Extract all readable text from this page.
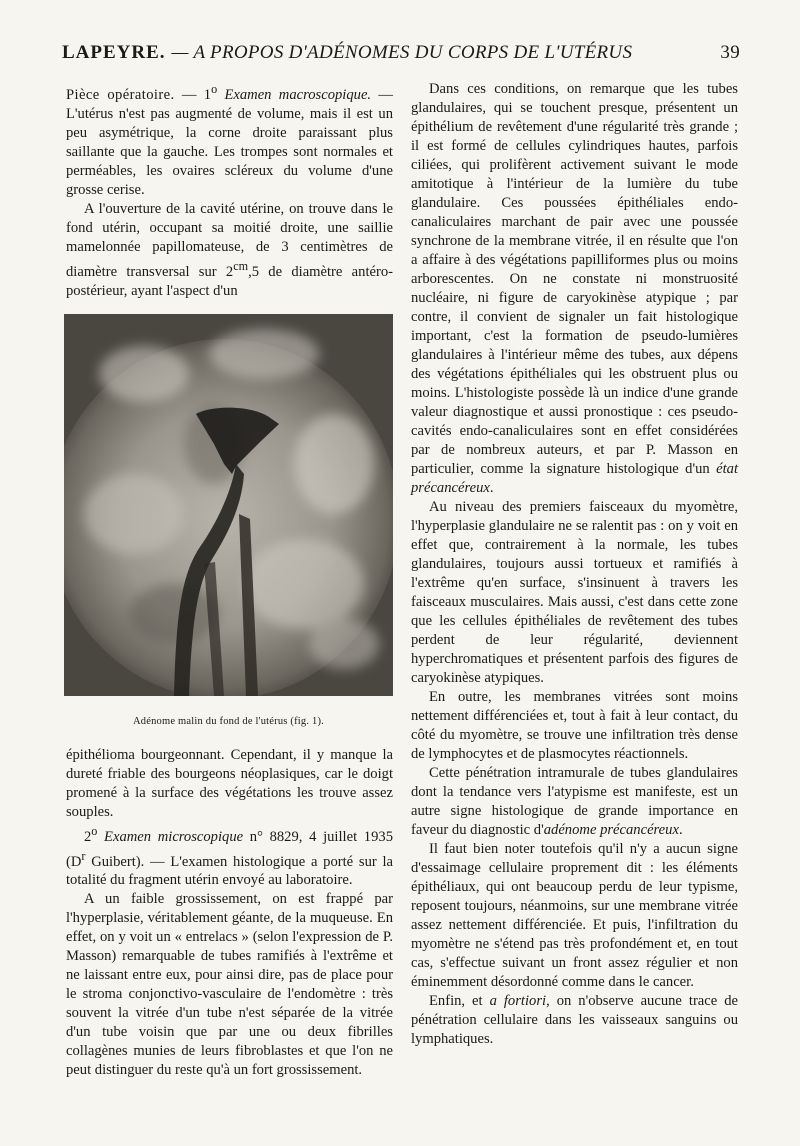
LAPEYRE. — A PROPOS D'ADÉNOMES DU CORPS DE L'UTÉRUS	39

Pièce opératoire. — 1$^o$ Examen macroscopique. — L'utérus n'est pas augmenté de volume, mais il est un peu asymétrique, la corne droite paraissant plus saillante que la gauche. Les trompes sont normales et perméables, les ovaires scléreux du volume d'une grosse cerise.

A l'ouverture de la cavité utérine, on trouve dans le fond utérin, occupant sa moitié droite, une saillie mamelonnée papillomateuse, de 3 centimètres de diamètre transversal sur $2^{cm},5$ de diamètre antéro-postérieur, ayant l'aspect d'un

Adénome malin du fond de l'utérus (fig. 1).

épithélioma bourgeonnant. Cependant, il y manque la dureté friable des bourgeons néoplasiques, car le doigt promené à la surface des végétations les trouve assez souples.

2$^o$ Examen microscopique n° 8829, 4 juillet 1935 ($D^r$ Guibert). — L'examen histologique a porté sur la totalité du fragment utérin envoyé au laboratoire.

A un faible grossissement, on est frappé par l'hyperplasie, véritablement géante, de la muqueuse. En effet, on y voit un « entrelacs » (selon l'expression de P. Masson) remarquable de tubes ramifiés à l'extrême et ne laissant entre eux, pour ainsi dire, pas de place pour le stroma conjonctivo-vasculaire de l'endomètre : très souvent la vitrée d'un tube n'est séparée de la vitrée d'un tube voisin que par une ou deux fibrilles collagènes munies de leurs fibroblastes et que l'on ne peut distinguer du reste qu'à un fort grossissement.

Dans ces conditions, on remarque que les tubes glandulaires, qui se touchent presque, présentent un épithélium de revêtement d'une régularité très grande ; il est formé de cellules cylindriques hautes, parfois ciliées, qui prolifèrent activement suivant le mode amitotique à l'intérieur de la lumière du tube glandulaire. Ces poussées épithéliales endo-canaliculaires marchant de pair avec une poussée synchrone de la membrane vitrée, il en résulte que l'on a affaire à des végétations papilliformes plus ou moins arborescentes. On ne constate ni monstruosité nucléaire, ni figure de caryokinèse atypique ; par contre, il convient de signaler un fait histologique important, c'est la formation de pseudo-lumières glandulaires à l'intérieur même des tubes, aux dépens des végétations épithéliales qui les obstruent plus ou moins. L'histologiste possède là un indice d'une grande valeur diagnostique et aussi pronostique : ces pseudo-cavités endo-canaliculaires sont en effet considérées par de nombreux auteurs, et par P. Masson en particulier, comme la signature histologique d'un état précancéreux.

Au niveau des premiers faisceaux du myomètre, l'hyperplasie glandulaire ne se ralentit pas : on y voit en effet que, contrairement à la normale, les tubes glandulaires, toujours aussi tortueux et ramifiés à l'extrême qu'en surface, s'insinuent à travers les faisceaux musculaires. Mais aussi, c'est dans cette zone que les cellules épithéliales de revêtement des tubes perdent de leur régularité, deviennent hyperchromatiques et présentent parfois des figures de caryokinèse atypiques.

En outre, les membranes vitrées sont moins nettement différenciées et, tout à fait à leur contact, du côté du myomètre, se trouve une infiltration très dense de lymphocytes et de plasmocytes réactionnels.

Cette pénétration intramurale de tubes glandulaires dont la tendance vers l'atypisme est manifeste, est un autre signe histologique de grande importance en faveur du diagnostic d'adénome précancéreux.

Il faut bien noter toutefois qu'il n'y a aucun signe d'essaimage cellulaire proprement dit : les éléments épithéliaux, qui ont beaucoup perdu de leur typisme, reposent toujours, néanmoins, sur une membrane vitrée assez nettement différenciée. Et puis, l'infiltration du myomètre ne s'étend pas très profondément et, en tout cas, s'effectue suivant un front assez régulier et non éminemment désordonné comme dans le cancer.

Enfin, et a fortiori, on n'observe aucune trace de pénétration cellulaire dans les vaisseaux sanguins ou lymphatiques.
